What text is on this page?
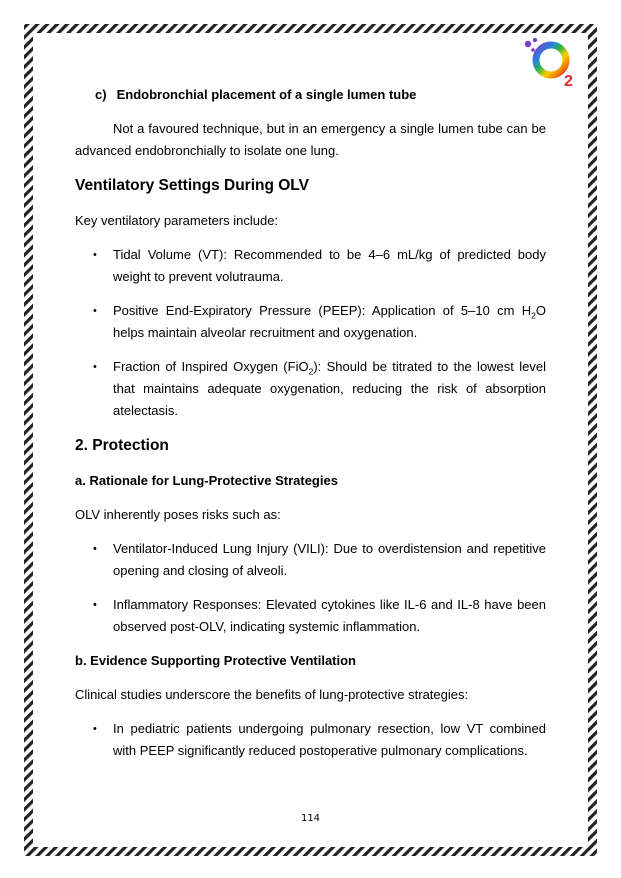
2
c) Endobronchial placement of a single lumen tube

Not a favoured technique, but in an emergency a single lumen tube can be advanced endobronchially to isolate one lung.

Ventilatory Settings During OLV

Key ventilatory parameters include:

• Tidal Volume (VT): Recommended to be 4–6 mL/kg of predicted body weight to prevent volutrauma.
• Positive End-Expiratory Pressure (PEEP): Application of 5–10 cm $H_2O$ helps maintain alveolar recruitment and oxygenation.
• Fraction of Inspired Oxygen (FiO$_2$): Should be titrated to the lowest level that maintains adequate oxygenation, reducing the risk of absorption atelectasis.
2. Protection
a. Rationale for Lung-Protective Strategies

OLV inherently poses risks such as:

• Ventilator-Induced Lung Injury (VILI): Due to overdistension and repetitive opening and closing of alveoli.
• Inflammatory Responses: Elevated cytokines like IL-6 and IL-8 have been observed post-OLV, indicating systemic inflammation.
b. Evidence Supporting Protective Ventilation

Clinical studies underscore the benefits of lung-protective strategies:

• In pediatric patients undergoing pulmonary resection, low VT combined with PEEP significantly reduced postoperative pulmonary complications.
114
